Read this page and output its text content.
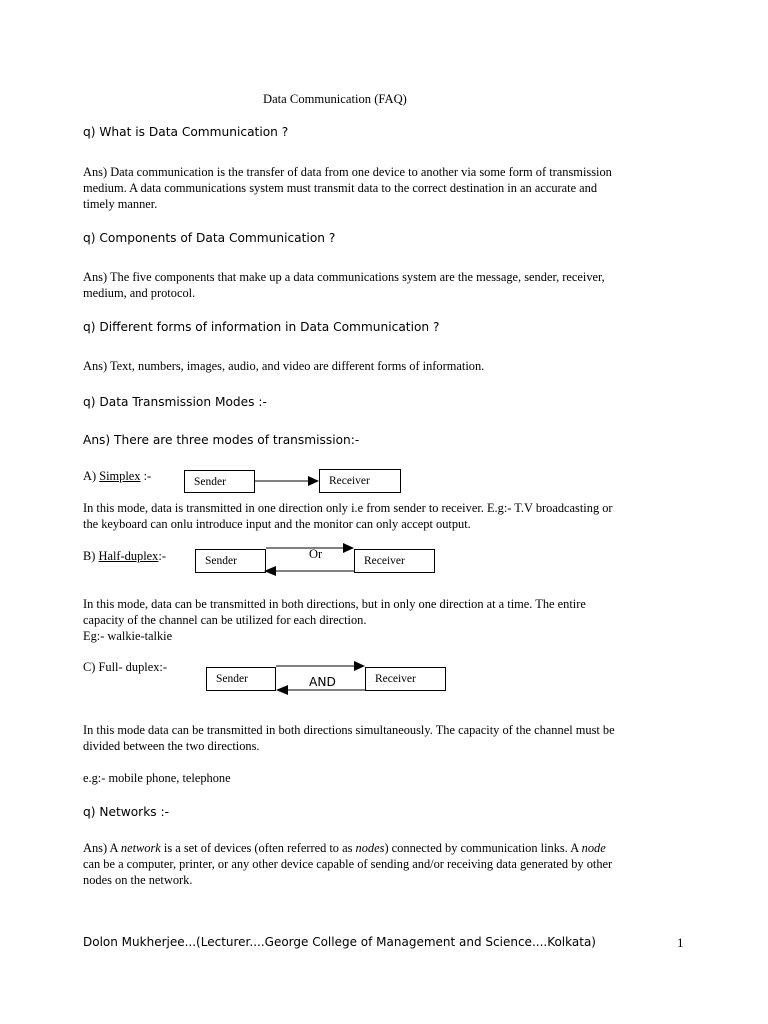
Data Communication (FAQ)
q) What is Data Communication ?
Ans) Data communication is the transfer of data from one device to another via some form of transmission
medium. A data communications system must transmit data to the correct destination in an accurate and
timely manner.
q) Components of Data Communication ?
Ans) The five components that make up a data communications system are the message, sender, receiver,
medium, and protocol.
q) Different forms of information in Data Communication ?
Ans) Text, numbers, images, audio, and video are different forms of information.
q) Data Transmission Modes :-
Ans) There are three modes of transmission:-
A) Simplex :-	Sender	Receiver
In this mode, data is transmitted in one direction only i.e from sender to receiver. E.g:- T.V broadcasting or
the keyboard can onlu introduce input and the monitor can only accept output.
B) Half-duplex:-	Sender	Receiver
Or
In this mode, data can be transmitted in both directions, but in only one direction at a time. The entire
capacity of the channel can be utilized for each direction.
Eg:- walkie-talkie
C) Full- duplex:-
Sender	Receiver
AND
In this mode data can be transmitted in both directions simultaneously. The capacity of the channel must be
divided between the two directions.
e.g:- mobile phone, telephone
q) Networks :-
Ans) A network is a set of devices (often referred to as nodes) connected by communication links. A node
can be a computer, printer, or any other device capable of sending and/or receiving data generated by other
nodes on the network.
Dolon Mukherjee...(Lecturer....George College of Management and Science....Kolkata)	1
